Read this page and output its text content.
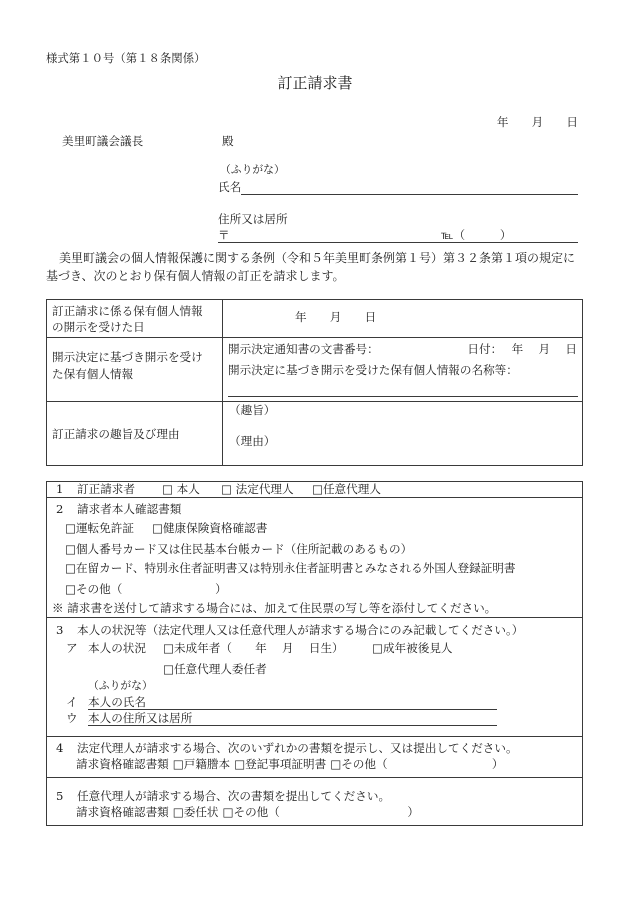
様式第１０号（第１８条関係）
訂正請求書
年　　月　　日
美里町議会議長	殿
（ふりがな）
氏名
住所又は居所
〒	℡（　　　）
美里町議会の個人情報保護に関する条例（令和５年美里町条例第１号）第３２条第１項の規定に
基づき、次のとおり保有個人情報の訂正を請求します。
訂正請求に係る保有個人情報
の開示を受けた日
年　　月　　日
開示決定に基づき開示を受け
た保有個人情報
開示決定通知書の文書番号：	日付：　 年　 月　 日
開示決定に基づき開示を受けた保有個人情報の名称等：
訂正請求の趣旨及び理由
（趣旨）
（理由）
1 訂正請求者 □ 本人 □ 法定代理人 □任意代理人
2 請求者本人確認書類
□運転免許証 □健康保険資格確認書
□個人番号カード又は住民基本台帳カード（住所記載のあるもの）
□在留カード、特別永住者証明書又は特別永住者証明書とみなされる外国人登録証明書
□その他（　　　　　　　　）
※ 請求書を送付して請求する場合には、加えて住民票の写し等を添付してください。
3 本人の状況等（法定代理人又は任意代理人が請求する場合にのみ記載してください。）
ア 本人の状況 □未成年者（　　年　 月　 日生） □成年被後見人
□任意代理人委任者
（ふりがな）
イ 本人の氏名
ウ 本人の住所又は居所
4 法定代理人が請求する場合、次のいずれかの書類を提示し、又は提出してください。
請求資格確認書類 □戸籍謄本 □登記事項証明書 □その他（　　　　　　　　　）
5 任意代理人が請求する場合、次の書類を提出してください。
請求資格確認書類 □委任状 □その他（　　　　　　　　　　　）
